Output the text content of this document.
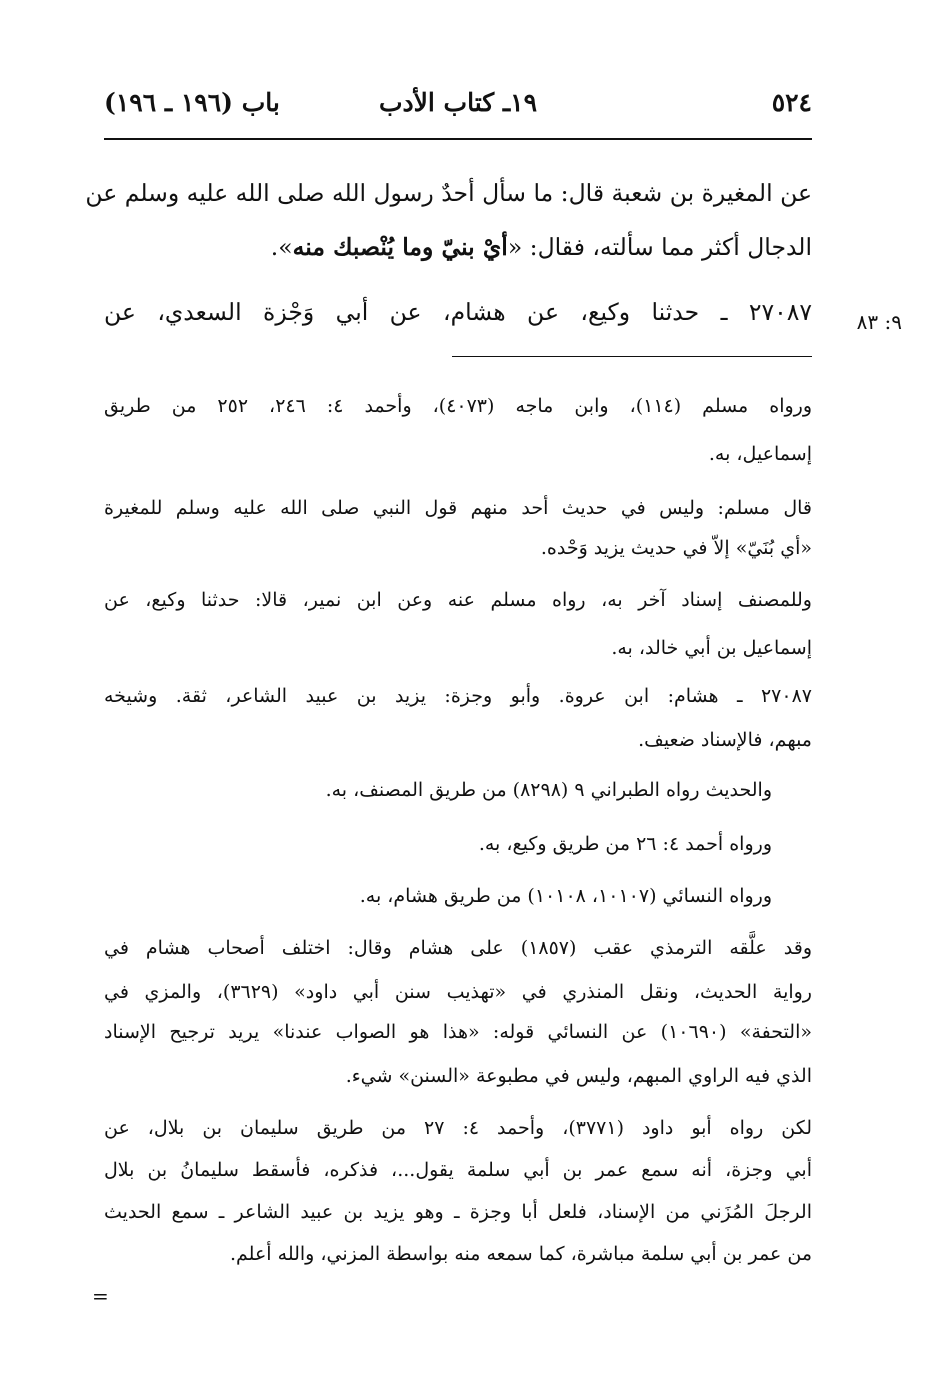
٥٢٤
١٩ـ كتاب الأدب
باب (١٩٦ ـ ١٩٦)
عن المغيرة بن شعبة قال: ما سأل أحدٌ رسول الله صلى الله عليه وسلم عن
الدجال أكثر مما سألته، فقال: «أيْ بنيّ وما يُنْصبك منه».
٢٧٠٨٧ ـ حدثنا وكيع، عن هشام، عن أبي وَجْزة السعدي، عن	٩: ٨٣
ورواه مسلم (١١٤)، وابن ماجه (٤٠٧٣)، وأحمد ٤: ٢٤٦، ٢٥٢ من طريق
إسماعيل، به.
قال مسلم: وليس في حديث أحد منهم قول النبي صلى الله عليه وسلم للمغيرة
«أي بُنَيّ» إلاّ في حديث يزيد وَحْده.
وللمصنف إسناد آخر به، رواه مسلم عنه وعن ابن نمير، قالا: حدثنا وكيع، عن
إسماعيل بن أبي خالد، به.
٢٧٠٨٧ ـ هشام: ابن عروة. وأبو وجزة: يزيد بن عبيد الشاعر، ثقة. وشيخه
مبهم، فالإسناد ضعيف.
والحديث رواه الطبراني ٩ (٨٢٩٨) من طريق المصنف، به.
ورواه أحمد ٤: ٢٦ من طريق وكيع، به.
ورواه النسائي (١٠١٠٧، ١٠١٠٨) من طريق هشام، به.
وقد علَّقه الترمذي عقب (١٨٥٧) على هشام وقال: اختلف أصحاب هشام في
رواية الحديث، ونقل المنذري في «تهذيب سنن أبي داود» (٣٦٢٩)، والمزي في
«التحفة» (١٠٦٩٠) عن النسائي قوله: «هذا هو الصواب عندنا» يريد ترجيح الإسناد
الذي فيه الراوي المبهم، وليس في مطبوعة «السنن» شيء.
لكن رواه أبو داود (٣٧٧١)، وأحمد ٤: ٢٧ من طريق سليمان بن بلال، عن
أبي وجزة، أنه سمع عمر بن أبي سلمة يقول...، فذكره، فأسقط سليمانُ بن بلال
الرجلَ المُزَني من الإسناد، فلعل أبا وجزة ـ وهو يزيد بن عبيد الشاعر ـ سمع الحديث
من عمر بن أبي سلمة مباشرة، كما سمعه منه بواسطة المزني، والله أعلم.
=
